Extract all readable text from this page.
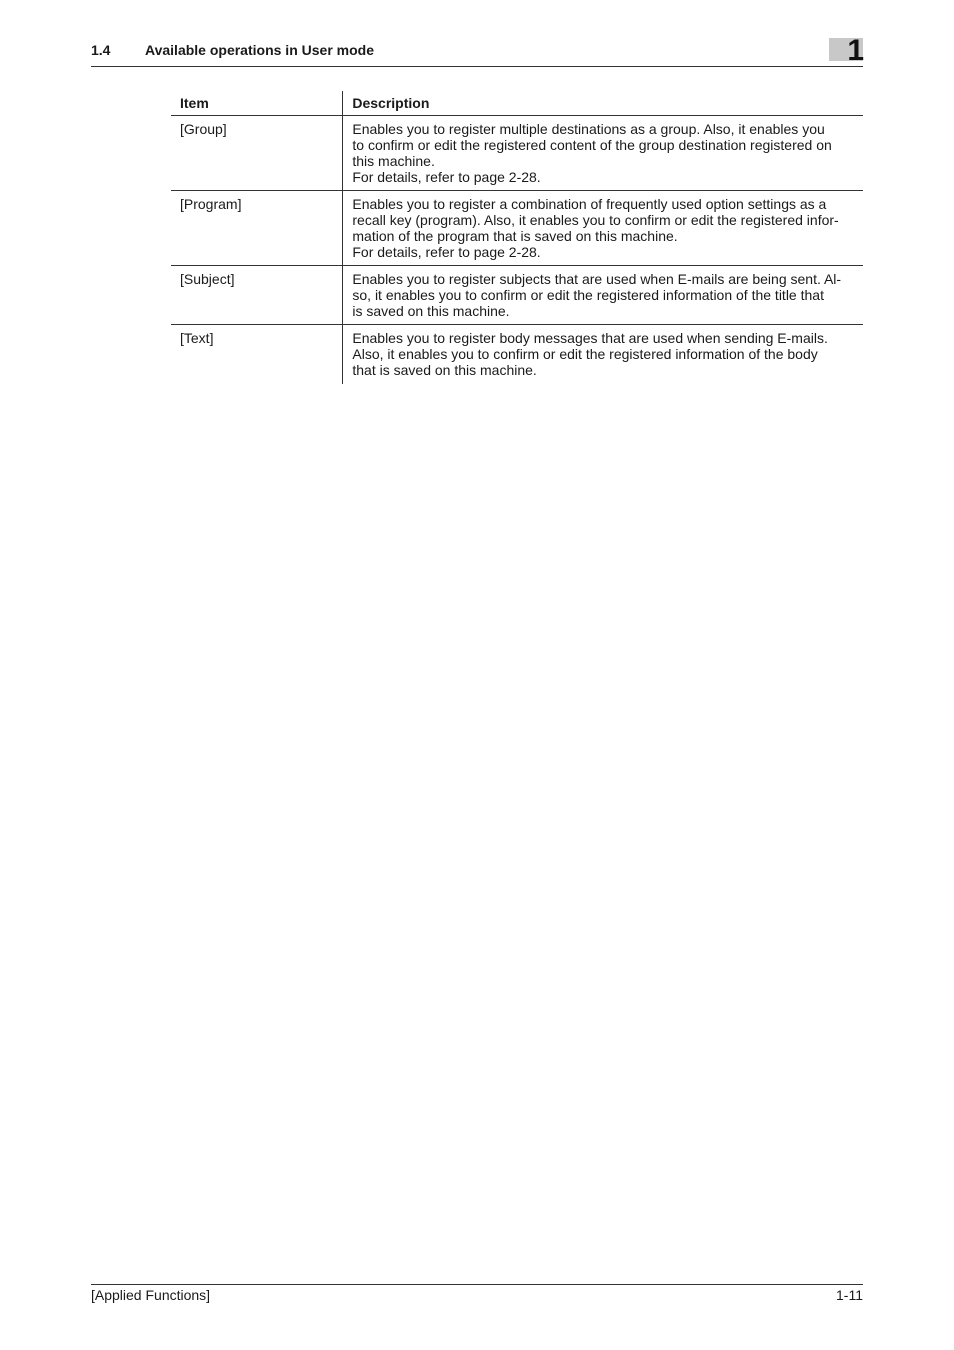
1.4 Available operations in User mode	1
Item	Description
[Group]	Enables you to register multiple destinations as a group. Also, it enables you
to confirm or edit the registered content of the group destination registered on
this machine.
For details, refer to page 2-28.

[Program]	Enables you to register a combination of frequently used option settings as a
recall key (program). Also, it enables you to confirm or edit the registered infor-
mation of the program that is saved on this machine.
For details, refer to page 2-28.

[Subject]	Enables you to register subjects that are used when E-mails are being sent. Al-
so, it enables you to confirm or edit the registered information of the title that
is saved on this machine.

[Text]	Enables you to register body messages that are used when sending E-mails.
Also, it enables you to confirm or edit the registered information of the body
that is saved on this machine.
[Applied Functions]	1-11
